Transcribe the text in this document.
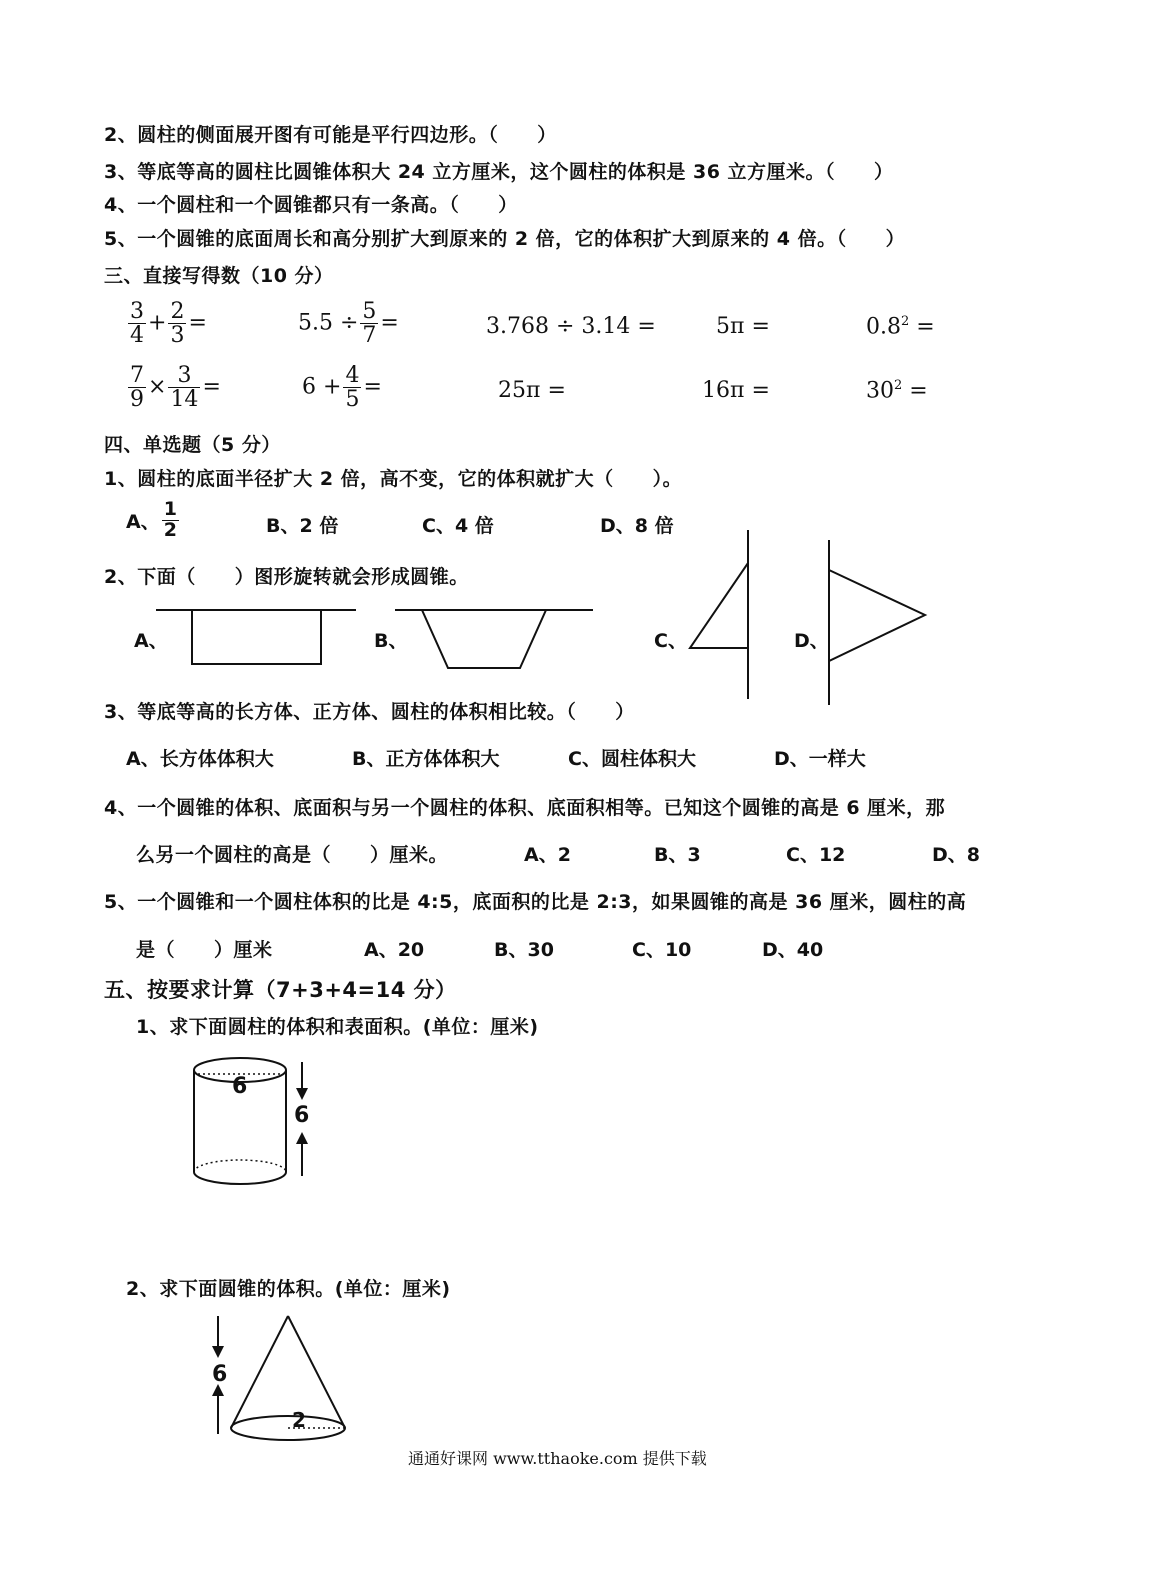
2、圆柱的侧面展开图有可能是平行四边形。（　　）
3、等底等高的圆柱比圆锥体积大 24 立方厘米，这个圆柱的体积是 36 立方厘米。（　　）
4、一个圆柱和一个圆锥都只有一条高。（　　）
5、一个圆锥的底面周长和高分别扩大到原来的 2 倍，它的体积扩大到原来的 4 倍。（　　）
三、直接写得数（10 分）
$\frac{3}{4} + \frac{2}{3}$ =	$5.5 \div \frac{5}{7}$ =	3.768 ÷ 3.14 =	5π =	$0.8^2$ =
$\frac{7}{9} \times \frac{3}{14}$ =	$6 + \frac{4}{5}$ =	25π =	16π =	$30^2$ =
四、单选题（5 分）
1、圆柱的底面半径扩大 2 倍，高不变，它的体积就扩大（　　）。
A、 $\frac{1}{2}$	B、2 倍	C、4 倍	D、8 倍
2、下面（　　）图形旋转就会形成圆锥。
A、	B、	C、	D、
3、等底等高的长方体、正方体、圆柱的体积相比较。（　　）
A、长方体体积大	B、正方体体积大	C、圆柱体积大	D、一样大
4、一个圆锥的体积、底面积与另一个圆柱的体积、底面积相等。已知这个圆锥的高是 6 厘米，那
么另一个圆柱的高是（　　）厘米。	A、2	B、3	C、12	D、8
5、一个圆锥和一个圆柱体积的比是 4:5，底面积的比是 2:3，如果圆锥的高是 36 厘米，圆柱的高
是（　　）厘米	A、20	B、30	C、10	D、40
五、按要求计算（7+3+4=14 分）
1、求下面圆柱的体积和表面积。(单位：厘米)
6
6
2、求下面圆锥的体积。(单位：厘米)
6
2
通通好课网 www.tthaoke.com 提供下载
